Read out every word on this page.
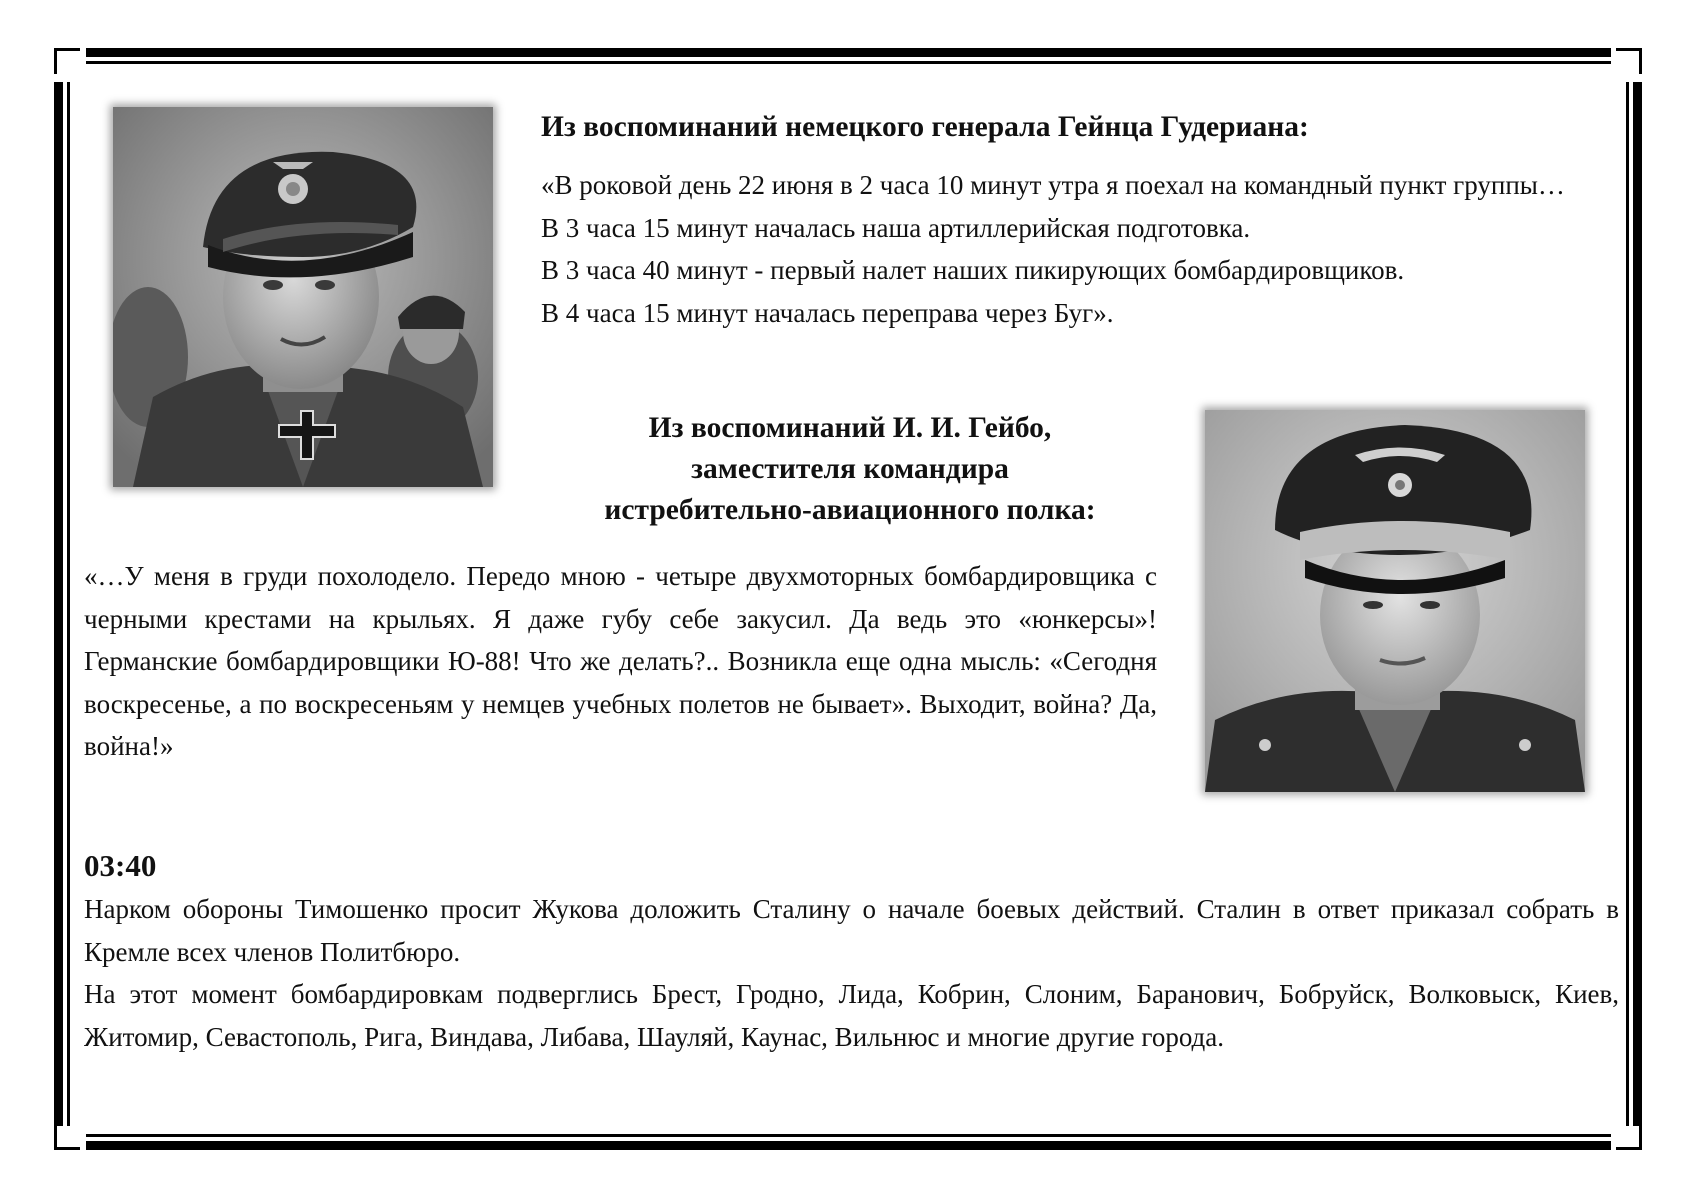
Из воспоминаний немецкого генерала Гейнца Гудериана:

«В роковой день 22 июня в 2 часа 10 минут утра я поехал на командный пункт группы…

В 3 часа 15 минут началась наша артиллерийская подготовка.

В 3 часа 40 минут - первый налет наших пикирующих бомбардировщиков.

В 4 часа 15 минут началась переправа через Буг».

Из воспоминаний И. И. Гейбо,
заместителя командира
истребительно-авиационного полка:
«…У меня в груди похолодело. Передо мною - четыре двухмоторных бомбардировщика с черными крестами на крыльях. Я даже губу себе закусил. Да ведь это «юнкерсы»! Германские бомбардировщики Ю-88! Что же делать?.. Возникла еще одна мысль: «Сегодня воскресенье, а по воскресеньям у немцев учебных полетов не бывает». Выходит, война? Да, война!»
03:40

Нарком обороны Тимошенко просит Жукова доложить Сталину о начале боевых действий. Сталин в ответ приказал собрать в Кремле всех членов Политбюро.

На этот момент бомбардировкам подверглись Брест, Гродно, Лида, Кобрин, Слоним, Баранович, Бобруйск, Волковыск, Киев, Житомир, Севастополь, Рига, Виндава, Либава, Шауляй, Каунас, Вильнюс и многие другие города.
